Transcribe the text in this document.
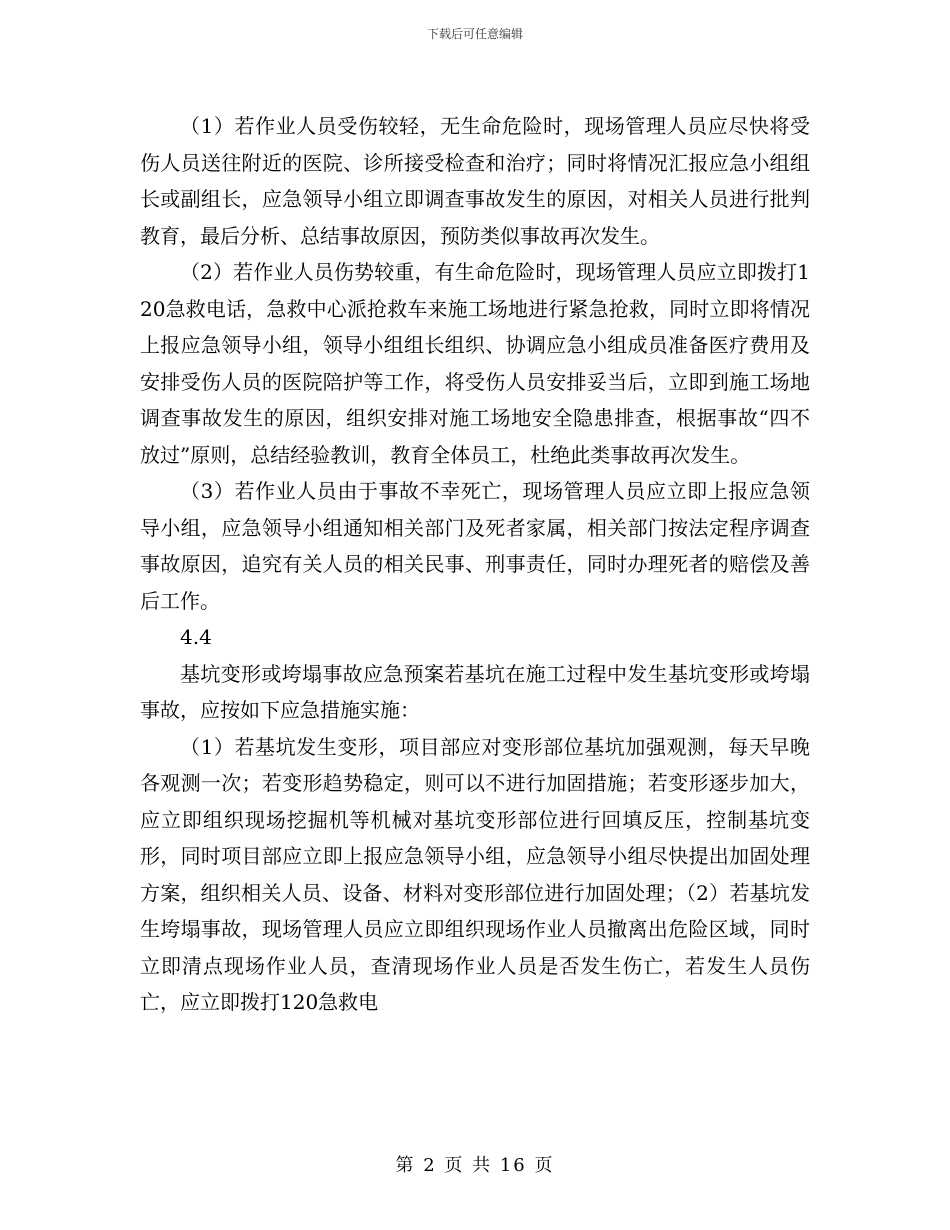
下载后可任意编辑

（1）若作业人员受伤较轻，无生命危险时，现场管理人员应尽快将受伤人员送往附近的医院、诊所接受检查和治疗；同时将情况汇报应急小组组长或副组长，应急领导小组立即调查事故发生的原因，对相关人员进行批判教育，最后分析、总结事故原因，预防类似事故再次发生。

（2）若作业人员伤势较重，有生命危险时，现场管理人员应立即拨打120急救电话，急救中心派抢救车来施工场地进行紧急抢救，同时立即将情况上报应急领导小组，领导小组组长组织、协调应急小组成员准备医疗费用及安排受伤人员的医院陪护等工作，将受伤人员安排妥当后，立即到施工场地调查事故发生的原因，组织安排对施工场地安全隐患排查，根据事故“四不放过”原则，总结经验教训，教育全体员工，杜绝此类事故再次发生。

（3）若作业人员由于事故不幸死亡，现场管理人员应立即上报应急领导小组，应急领导小组通知相关部门及死者家属，相关部门按法定程序调查事故原因，追究有关人员的相关民事、刑事责任，同时办理死者的赔偿及善后工作。

4.4

基坑变形或垮塌事故应急预案若基坑在施工过程中发生基坑变形或垮塌事故，应按如下应急措施实施：

（1）若基坑发生变形，项目部应对变形部位基坑加强观测，每天早晚各观测一次；若变形趋势稳定，则可以不进行加固措施；若变形逐步加大，应立即组织现场挖掘机等机械对基坑变形部位进行回填反压，控制基坑变形，同时项目部应立即上报应急领导小组，应急领导小组尽快提出加固处理方案，组织相关人员、设备、材料对变形部位进行加固处理；（2）若基坑发生垮塌事故，现场管理人员应立即组织现场作业人员撤离出危险区域，同时立即清点现场作业人员，查清现场作业人员是否发生伤亡，若发生人员伤亡，应立即拨打120急救电

第 2 页 共 16 页
